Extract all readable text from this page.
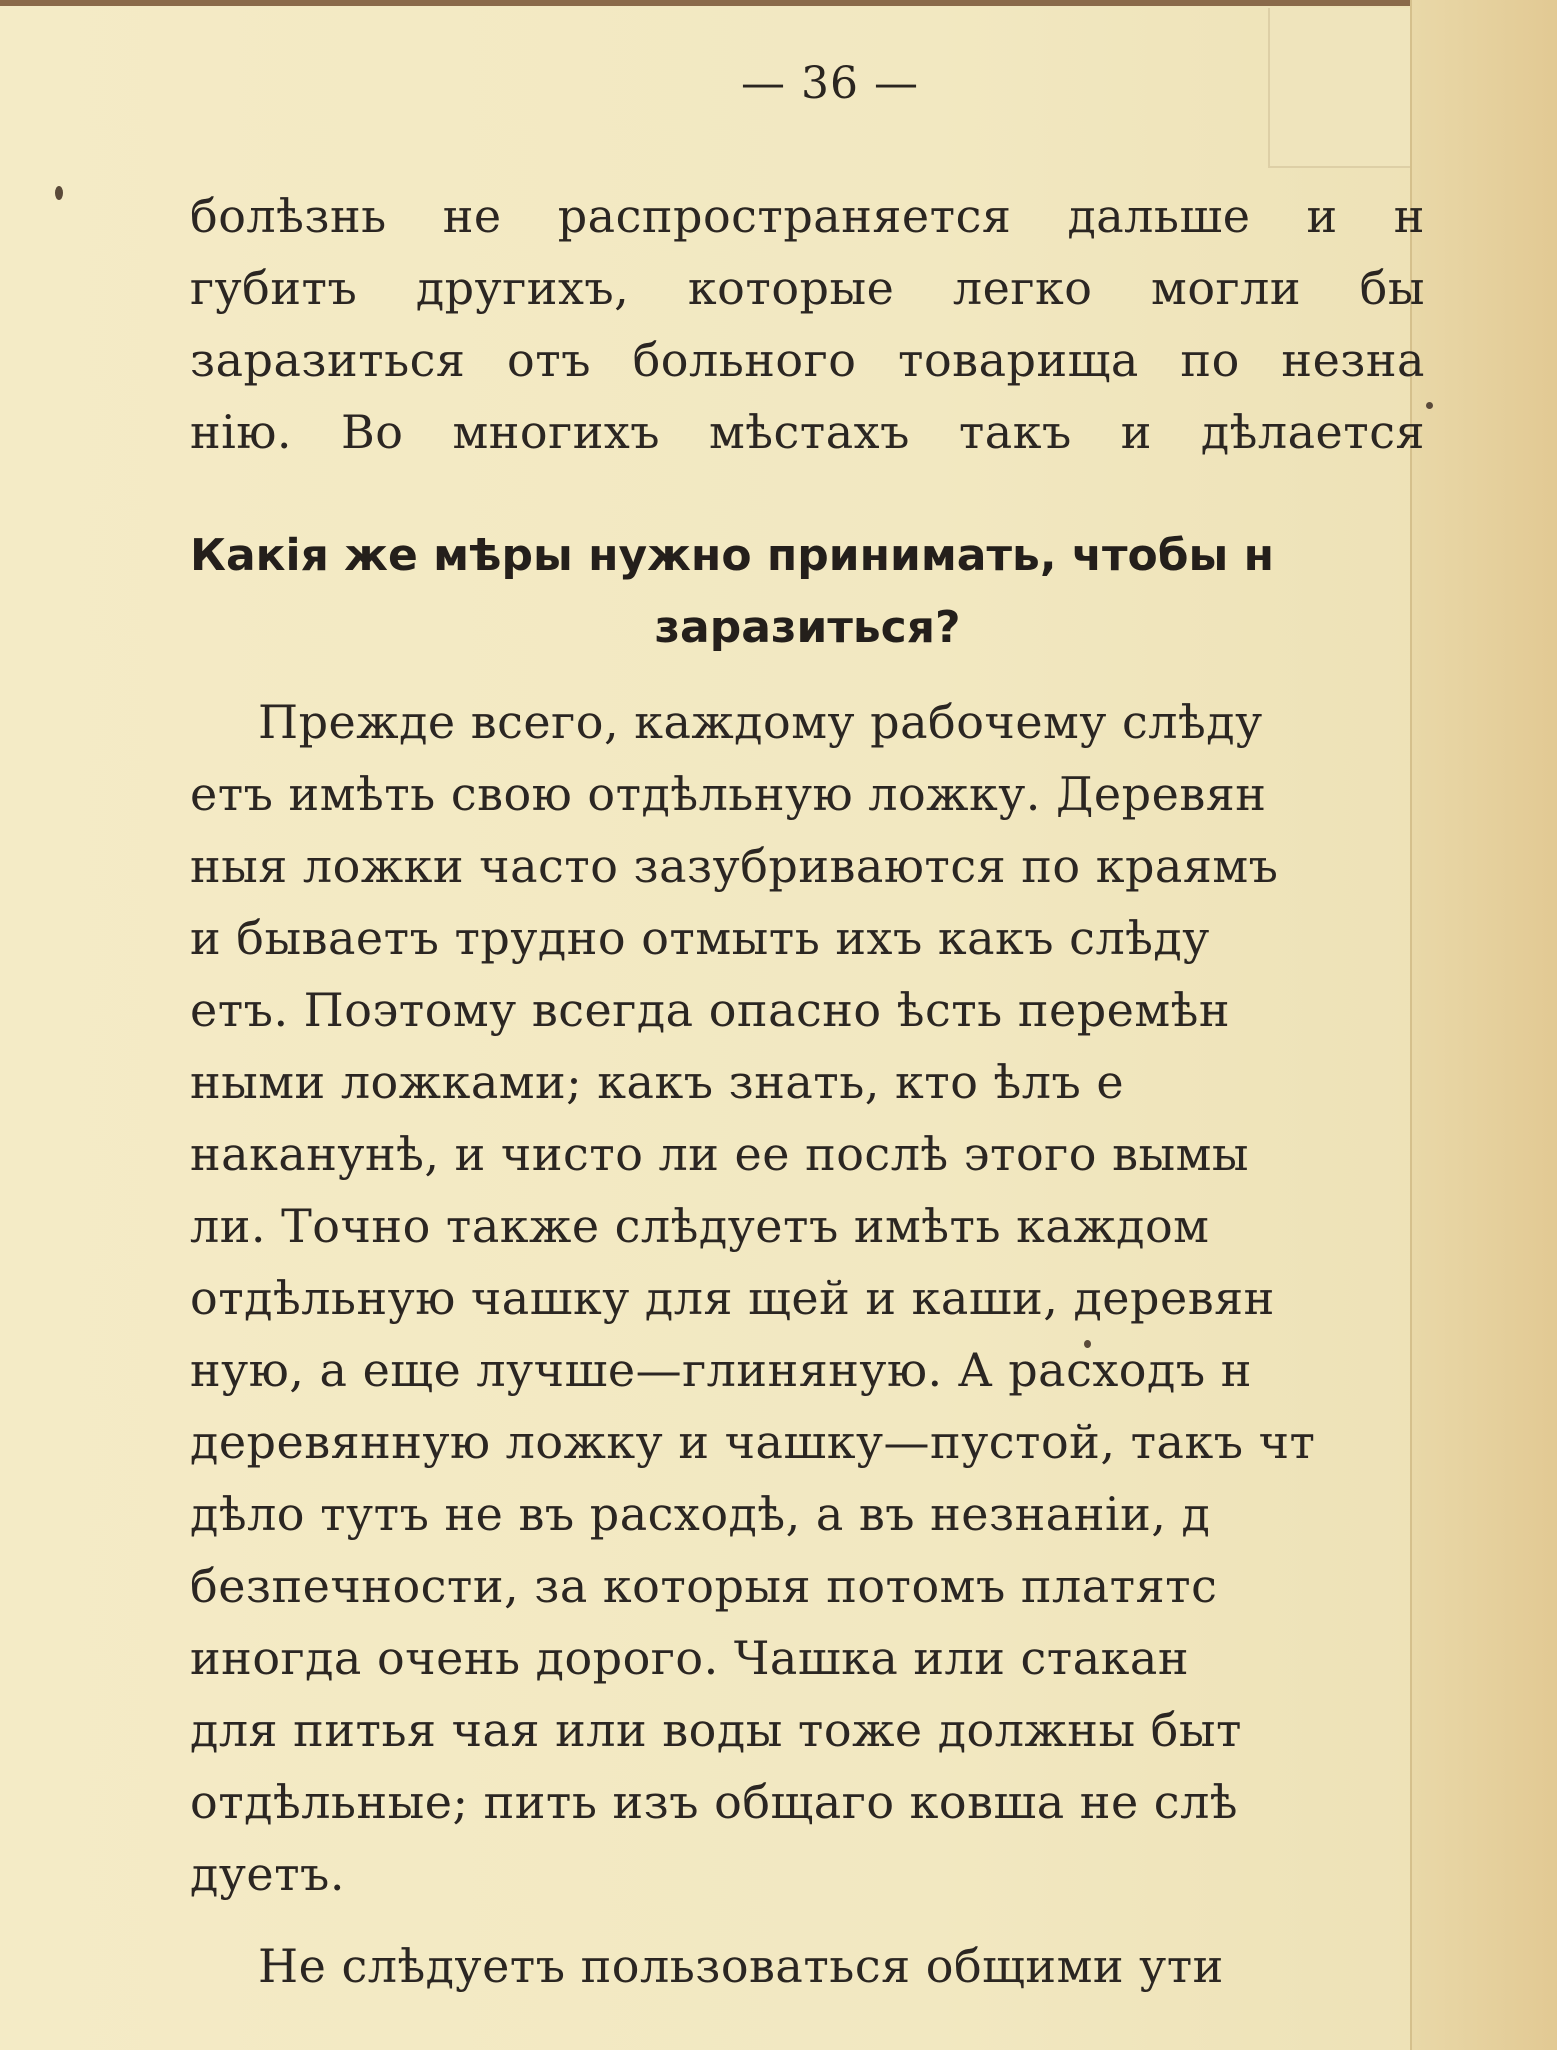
— 36 —
болѣзнь не распространяется дальше и н
губитъ другихъ, которые легко могли бы
заразиться отъ больного товарища по незна
нію. Во многихъ мѣстахъ такъ и дѣлается
Какія же мѣры нужно принимать, чтобы н
заразиться?
Прежде всего, каждому рабочему слѣду
етъ имѣть свою отдѣльную ложку. Деревян
ныя ложки часто зазубриваются по краямъ
и бываетъ трудно отмыть ихъ какъ слѣду
етъ. Поэтому всегда опасно ѣсть перемѣн
ными ложками; какъ знать, кто ѣлъ е
наканунѣ, и чисто ли ее послѣ этого вымы
ли. Точно также слѣдуетъ имѣть каждом
отдѣльную чашку для щей и каши, деревян
ную, а еще лучше—глиняную. А расходъ н
деревянную ложку и чашку—пустой, такъ чт
дѣло тутъ не въ расходѣ, а въ незнаніи, д
безпечности, за которыя потомъ платятс
иногда очень дорого. Чашка или стакан
для питья чая или воды тоже должны быт
отдѣльные; пить изъ общаго ковша не слѣ
дуетъ.
Не слѣдуетъ пользоваться общими ути
